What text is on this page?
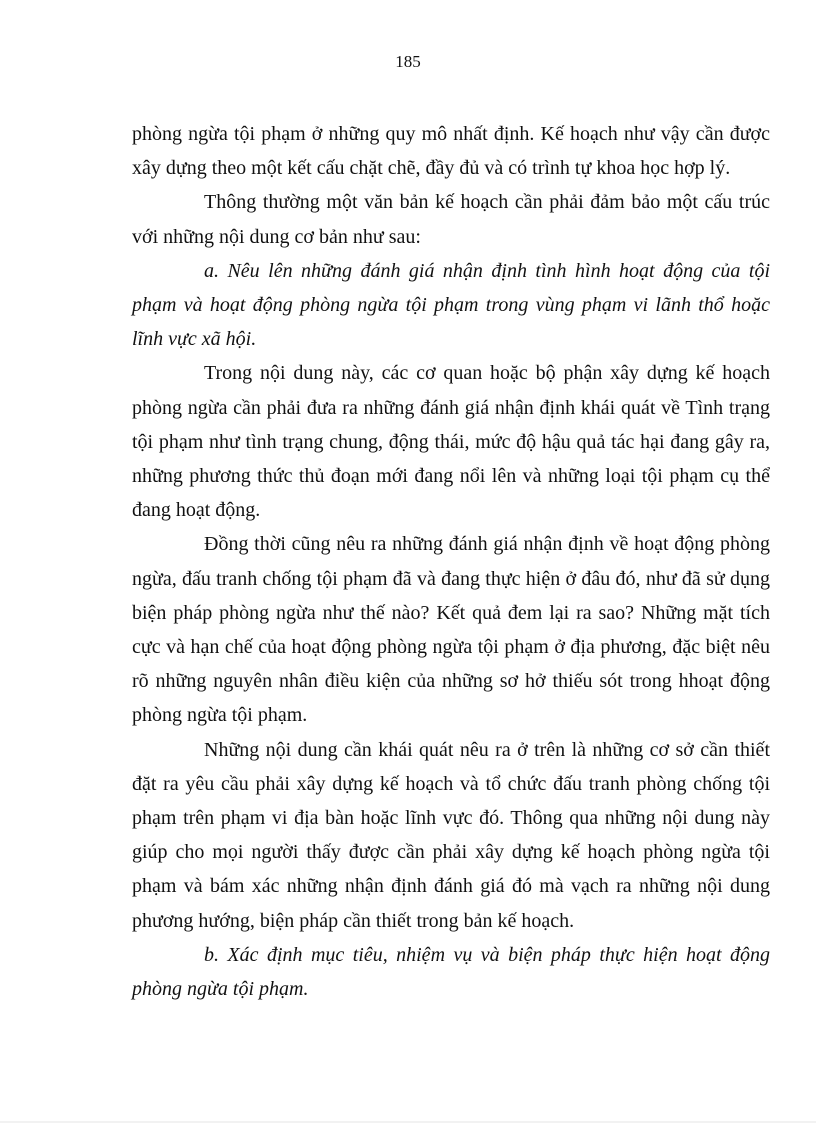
185

phòng ngừa tội phạm ở những quy mô nhất định. Kế hoạch như vậy cần được xây dựng theo một kết cấu chặt chẽ, đầy đủ và có trình tự khoa học hợp lý.

Thông thường một văn bản kế hoạch cần phải đảm bảo một cấu trúc với những nội dung cơ bản như sau:

a. Nêu lên những đánh giá nhận định tình hình hoạt động của tội phạm và hoạt động phòng ngừa tội phạm trong vùng phạm vi lãnh thổ hoặc lĩnh vực xã hội.

Trong nội dung này, các cơ quan hoặc bộ phận xây dựng kế hoạch phòng ngừa cần phải đưa ra những đánh giá nhận định khái quát về Tình trạng tội phạm như tình trạng chung, động thái, mức độ hậu quả tác hại đang gây ra, những phương thức thủ đoạn mới đang nổi lên và những loại tội phạm cụ thể đang hoạt động.

Đồng thời cũng nêu ra những đánh giá nhận định về hoạt động phòng ngừa, đấu tranh chống tội phạm đã và đang thực hiện ở đâu đó, như đã sử dụng biện pháp phòng ngừa như thế nào? Kết quả đem lại ra sao? Những mặt tích cực và hạn chế của hoạt động phòng ngừa tội phạm ở địa phương, đặc biệt nêu rõ những nguyên nhân điều kiện của những sơ hở thiếu sót trong hhoạt động phòng ngừa tội phạm.

Những nội dung cần khái quát nêu ra ở trên là những cơ sở cần thiết đặt ra yêu cầu phải xây dựng kế hoạch và tổ chức đấu tranh phòng chống tội phạm trên phạm vi địa bàn hoặc lĩnh vực đó. Thông qua những nội dung này giúp cho mọi người thấy được cần phải xây dựng kế hoạch phòng ngừa tội phạm và bám xác những nhận định đánh giá đó mà vạch ra những nội dung phương hướng, biện pháp cần thiết trong bản kế hoạch.

b. Xác định mục tiêu, nhiệm vụ và biện pháp thực hiện hoạt động phòng ngừa tội phạm.
